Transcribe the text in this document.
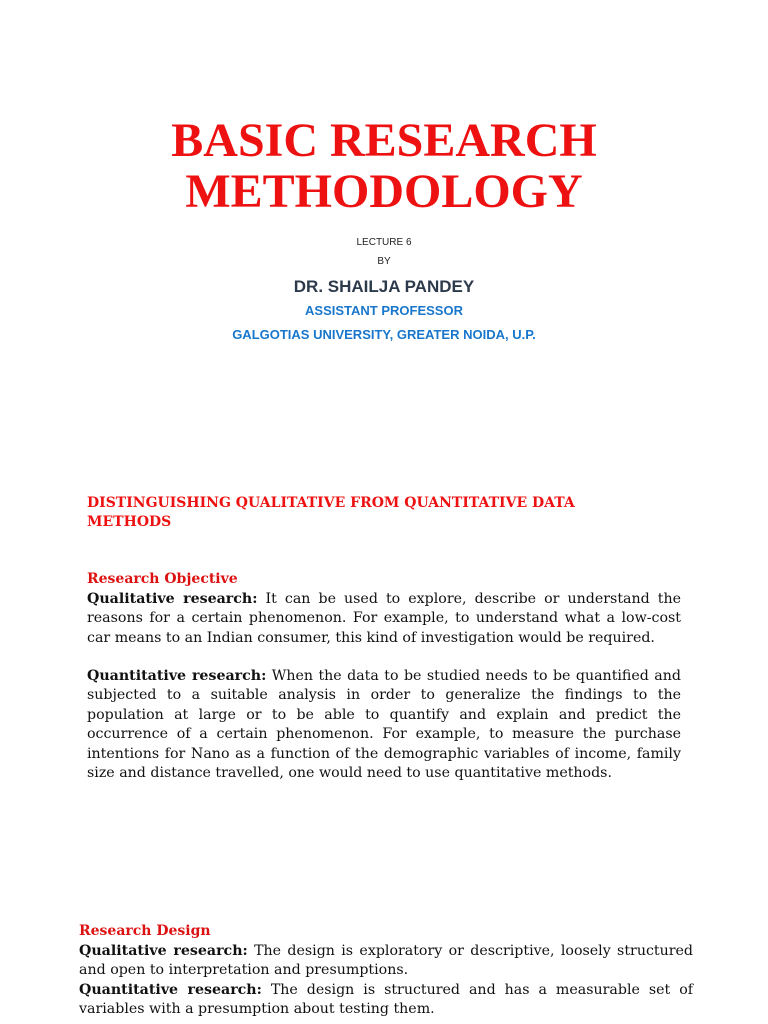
BASIC RESEARCH
METHODOLOGY

LECTURE 6

BY

DR. SHAILJA PANDEY

ASSISTANT PROFESSOR

GALGOTIAS UNIVERSITY, GREATER NOIDA, U.P.

DISTINGUISHING QUALITATIVE FROM QUANTITATIVE DATA METHODS

Research Objective

Qualitative research: It can be used to explore, describe or understand the reasons for a certain phenomenon. For example, to understand what a low-cost car means to an Indian consumer, this kind of investigation would be required.

Quantitative research: When the data to be studied needs to be quantified and subjected to a suitable analysis in order to generalize the findings to the population at large or to be able to quantify and explain and predict the occurrence of a certain phenomenon. For example, to measure the purchase intentions for Nano as a function of the demographic variables of income, family size and distance travelled, one would need to use quantitative methods.

Research Design

Qualitative research: The design is exploratory or descriptive, loosely structured and open to interpretation and presumptions.

Quantitative research: The design is structured and has a measurable set of variables with a presumption about testing them.
